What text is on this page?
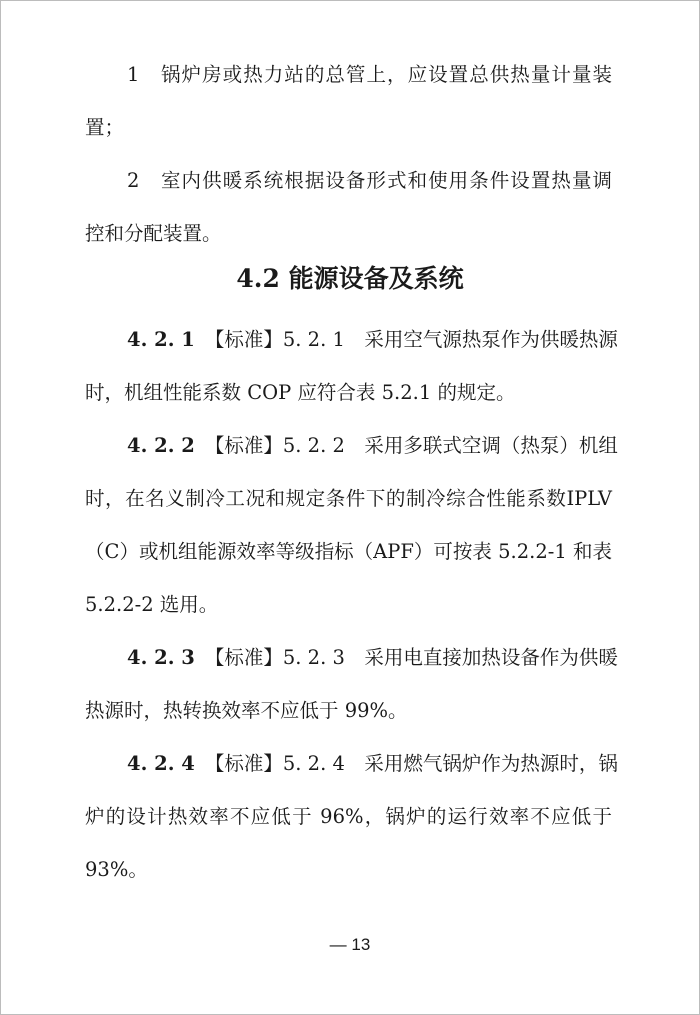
1　锅炉房或热力站的总管上，应设置总供热量计量装
置；
2　室内供暖系统根据设备形式和使用条件设置热量调
控和分配装置。
4.2 能源设备及系统
4. 2. 1 【标准】5. 2. 1　采用空气源热泵作为供暖热源
时，机组性能系数 COP 应符合表 5.2.1 的规定。
4. 2. 2 【标准】5. 2. 2　采用多联式空调（热泵）机组
时，在名义制冷工况和规定条件下的制冷综合性能系数IPLV
（C）或机组能源效率等级指标（APF）可按表 5.2.2-1 和表
5.2.2-2 选用。
4. 2. 3 【标准】5. 2. 3　采用电直接加热设备作为供暖
热源时，热转换效率不应低于 99%。
4. 2. 4 【标准】5. 2. 4　采用燃气锅炉作为热源时，锅
炉的设计热效率不应低于 96%，锅炉的运行效率不应低于
93%。
— 13
